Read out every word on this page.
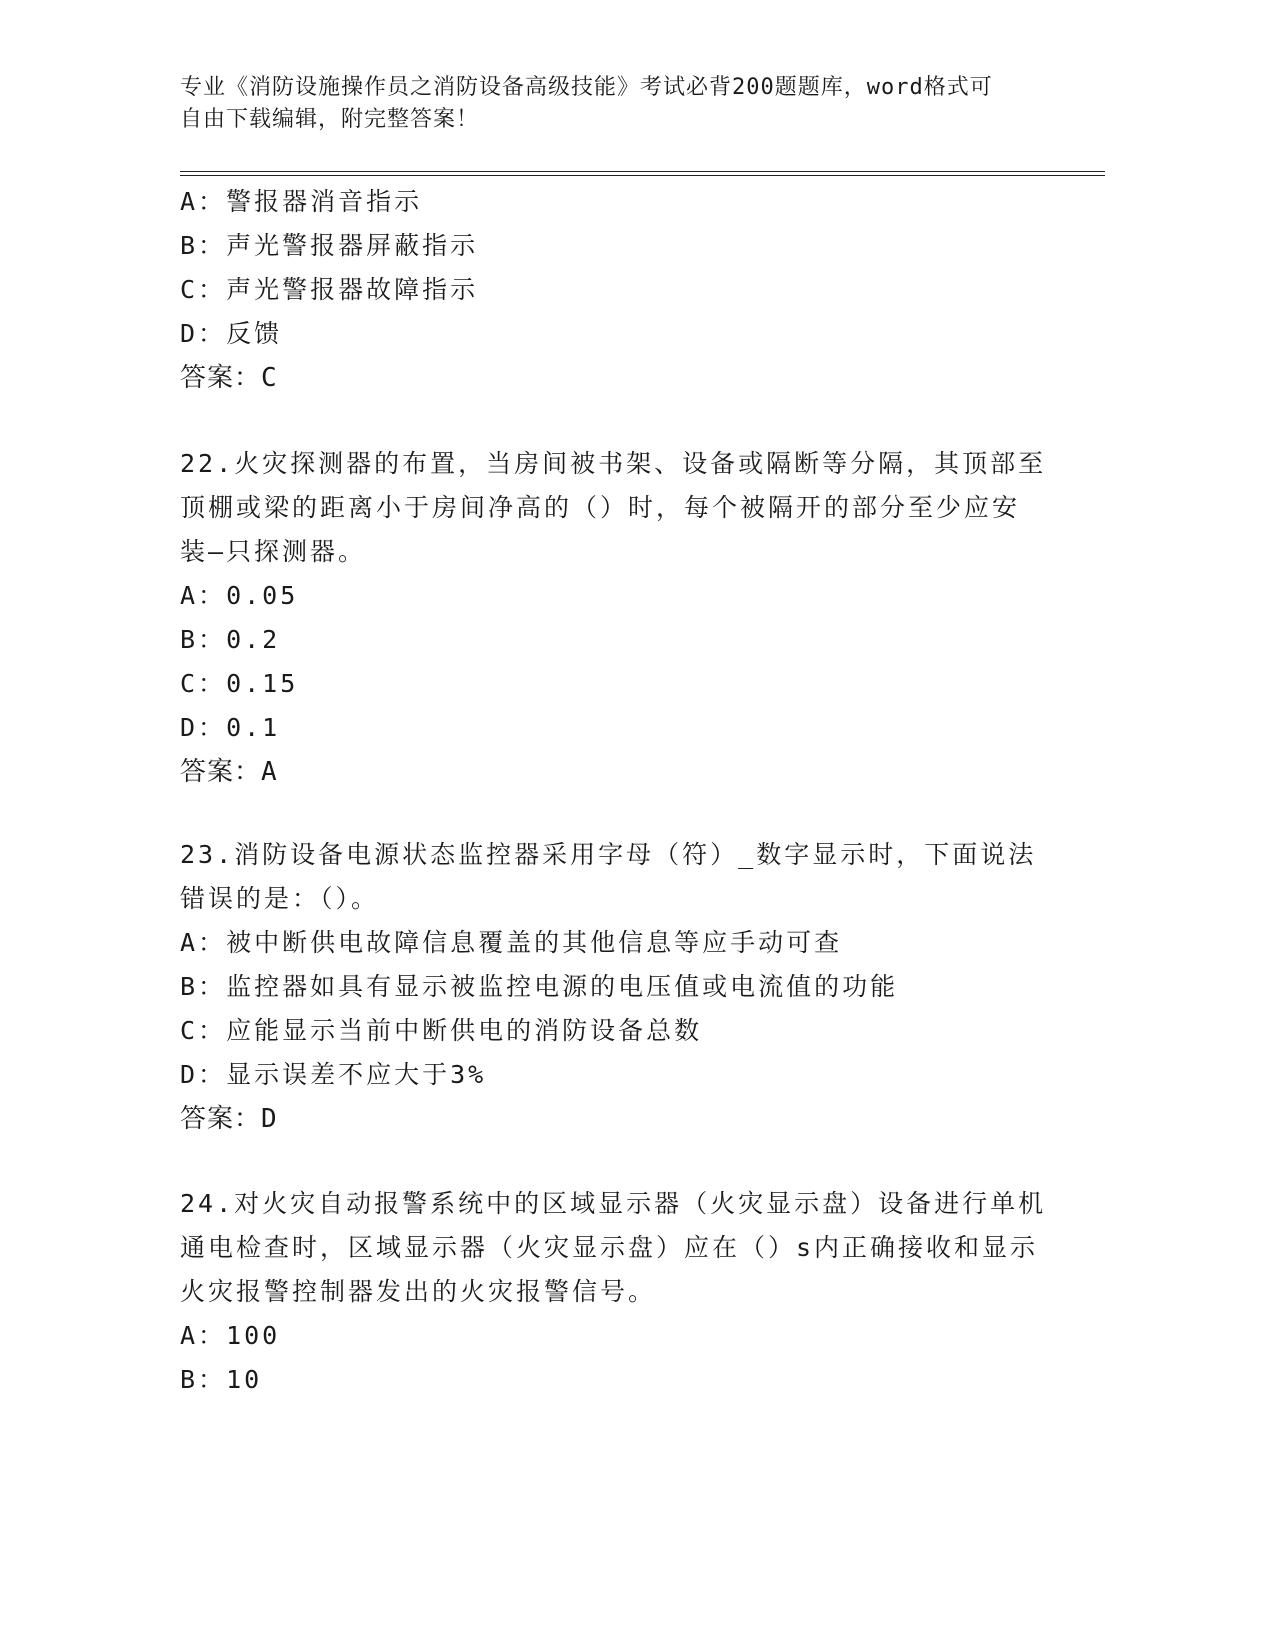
专业《消防设施操作员之消防设备高级技能》考试必背200题题库，word格式可
自由下载编辑，附完整答案！
A：警报器消音指示
B：声光警报器屏蔽指示
C：声光警报器故障指示
D：反馈
答案：C
22.火灾探测器的布置，当房间被书架、设备或隔断等分隔，其顶部至
顶棚或梁的距离小于房间净高的（）时，每个被隔开的部分至少应安
装—只探测器。
A：0.05
B：0.2
C：0.15
D：0.1
答案：A
23.消防设备电源状态监控器采用字母（符）_数字显示时，下面说法
错误的是：（）。
A：被中断供电故障信息覆盖的其他信息等应手动可查
B：监控器如具有显示被监控电源的电压值或电流值的功能
C：应能显示当前中断供电的消防设备总数
D：显示误差不应大于3%
答案：D
24.对火灾自动报警系统中的区域显示器（火灾显示盘）设备进行单机
通电检查时，区域显示器（火灾显示盘）应在（）s内正确接收和显示
火灾报警控制器发出的火灾报警信号。
A：100
B：10
